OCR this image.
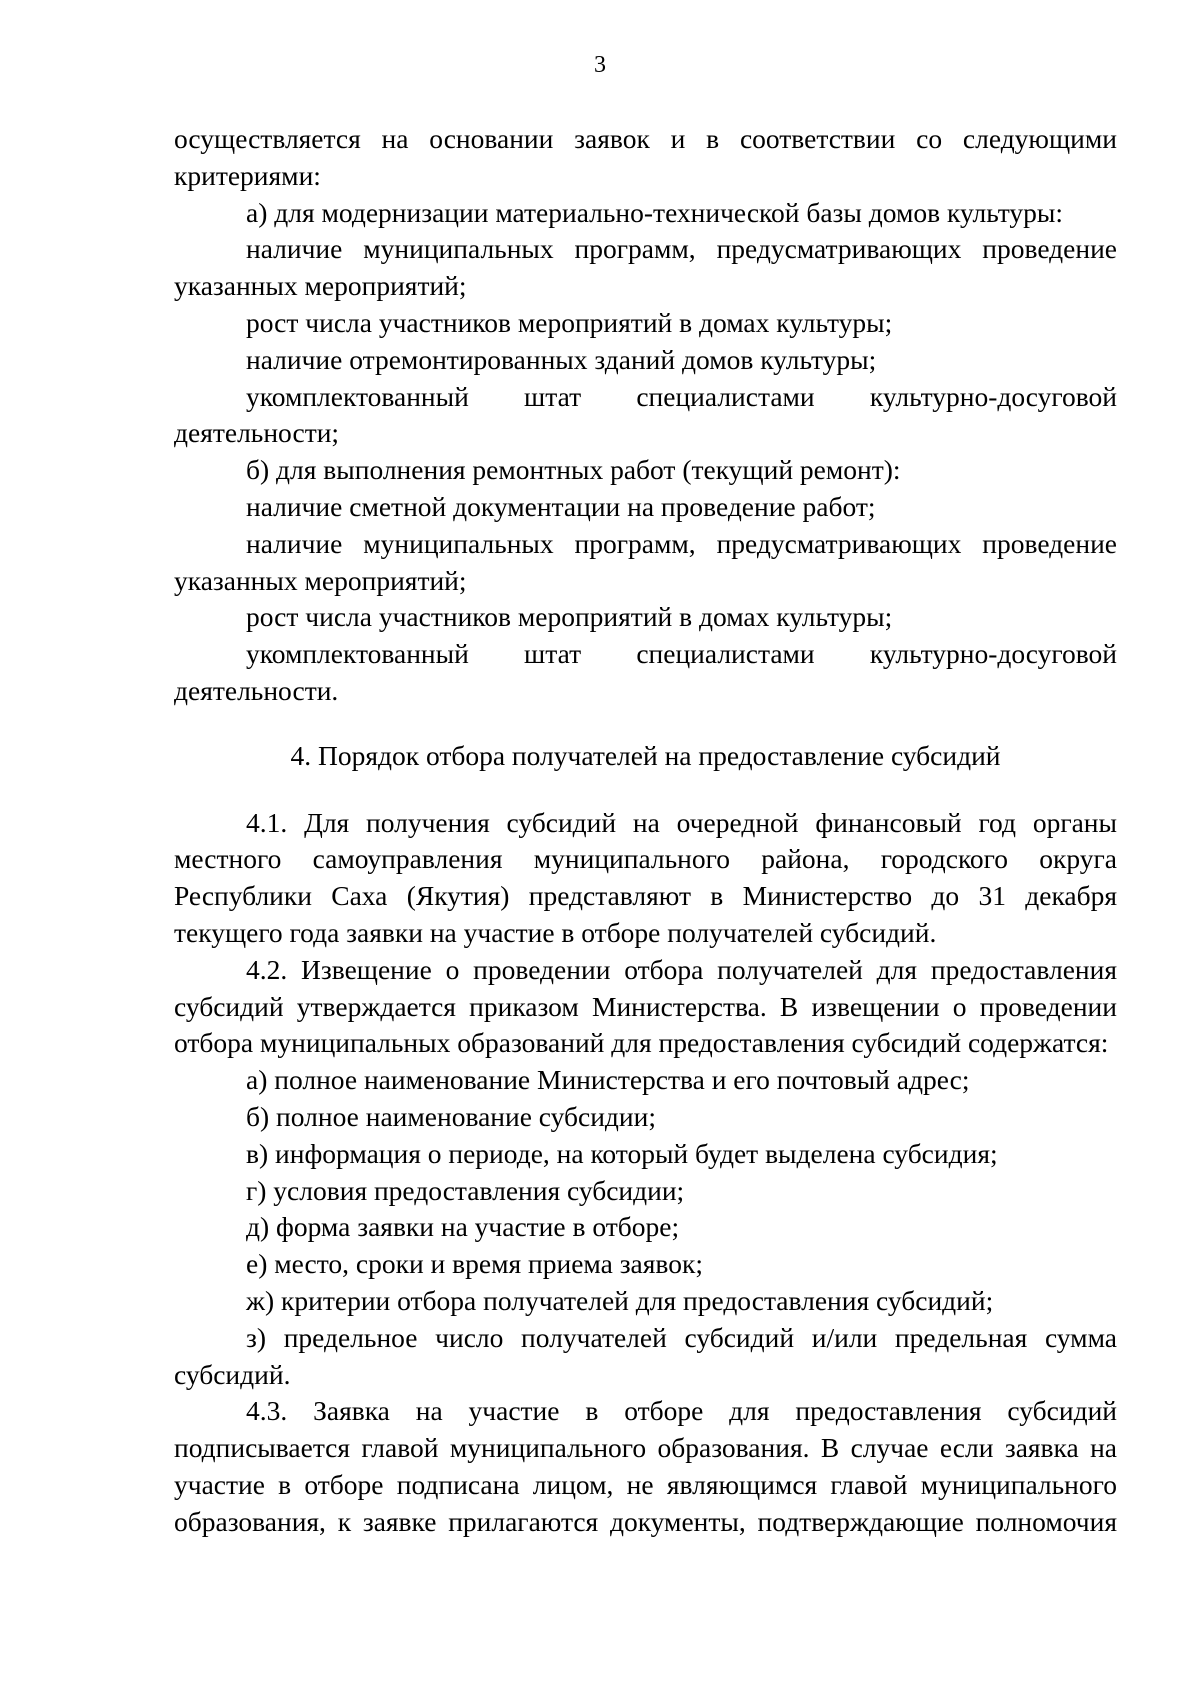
3

осуществляется на основании заявок и в соответствии со следующими критериями:

а) для модернизации материально-технической базы домов культуры:

наличие муниципальных программ, предусматривающих проведение указанных мероприятий;

рост числа участников мероприятий в домах культуры;

наличие отремонтированных зданий домов культуры;

укомплектованный штат специалистами культурно-досуговой деятельности;

б) для выполнения ремонтных работ (текущий ремонт):

наличие сметной документации на проведение работ;

наличие муниципальных программ, предусматривающих проведение указанных мероприятий;

рост числа участников мероприятий в домах культуры;

укомплектованный штат специалистами культурно-досуговой деятельности.

4. Порядок отбора получателей на предоставление субсидий

4.1. Для получения субсидий на очередной финансовый год органы местного самоуправления муниципального района, городского округа Республики Саха (Якутия) представляют в Министерство до 31 декабря текущего года заявки на участие в отборе получателей субсидий.

4.2. Извещение о проведении отбора получателей для предоставления субсидий утверждается приказом Министерства. В извещении о проведении отбора муниципальных образований для предоставления субсидий содержатся:

а) полное наименование Министерства и его почтовый адрес;

б) полное наименование субсидии;

в) информация о периоде, на который будет выделена субсидия;

г) условия предоставления субсидии;

д) форма заявки на участие в отборе;

е) место, сроки и время приема заявок;

ж) критерии отбора получателей для предоставления субсидий;

з) предельное число получателей субсидий и/или предельная сумма субсидий.

4.3. Заявка на участие в отборе для предоставления субсидий подписывается главой муниципального образования. В случае если заявка на участие в отборе подписана лицом, не являющимся главой муниципального образования, к заявке прилагаются документы, подтверждающие полномочия
